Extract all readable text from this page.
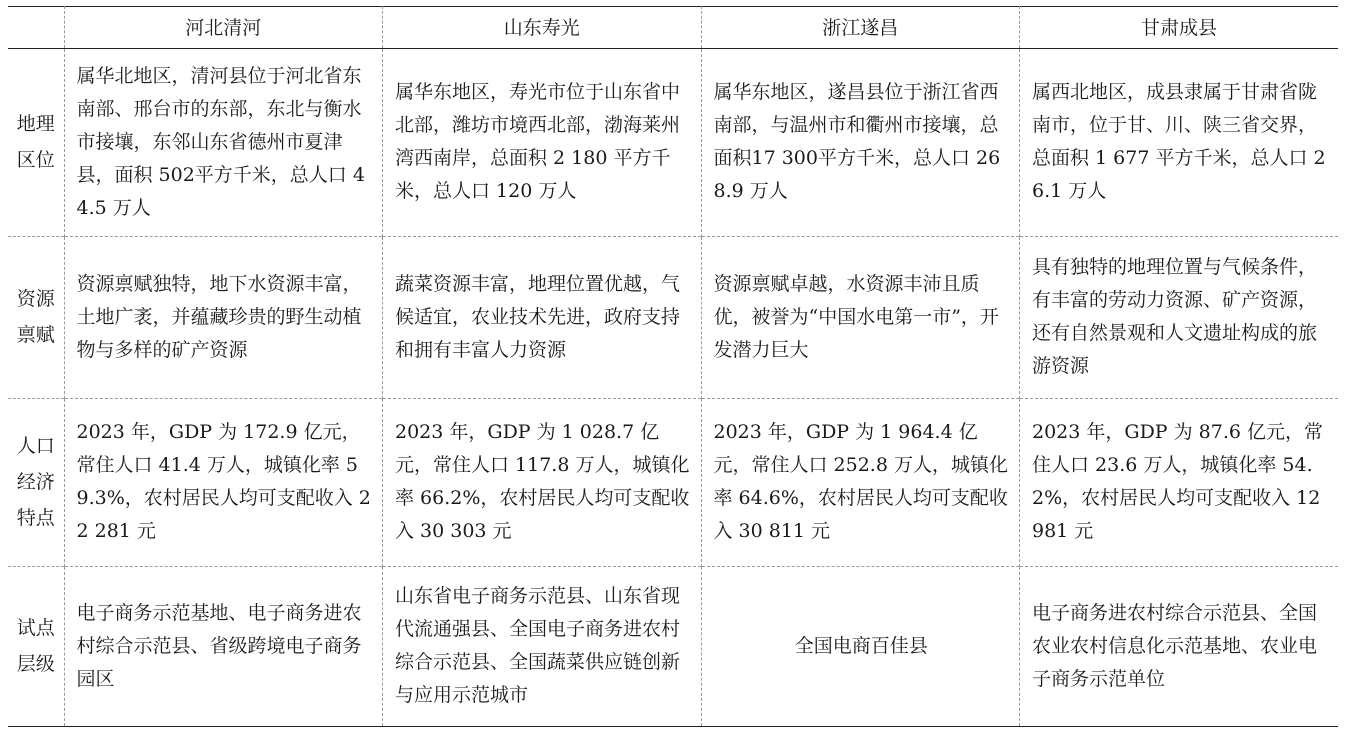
	河北清河	山东寿光	浙江遂昌	甘肃成县
地理区位	属华北地区，清河县位于河北省东南部、邢台市的东部，东北与衡水市接壤，东邻山东省德州市夏津县，面积 502平方千米，总人口 44.5 万人	属华东地区，寿光市位于山东省中北部，潍坊市境西北部，渤海莱州湾西南岸，总面积 2 180 平方千米，总人口 120 万人	属华东地区，遂昌县位于浙江省西南部，与温州市和衢州市接壤，总面积17 300平方千米，总人口 268.9 万人	属西北地区，成县隶属于甘肃省陇南市，位于甘、川、陕三省交界，总面积 1 677 平方千米，总人口 26.1 万人
资源禀赋	资源禀赋独特，地下水资源丰富，土地广袤，并蕴藏珍贵的野生动植物与多样的矿产资源	蔬菜资源丰富，地理位置优越，气候适宜，农业技术先进，政府支持和拥有丰富人力资源	资源禀赋卓越，水资源丰沛且质优，被誉为“中国水电第一市”，开发潜力巨大	具有独特的地理位置与气候条件，有丰富的劳动力资源、矿产资源，还有自然景观和人文遗址构成的旅游资源
人口经济特点	2023 年，GDP 为 172.9 亿元，常住人口 41.4 万人，城镇化率 59.3%，农村居民人均可支配收入 22 281 元	2023 年，GDP 为 1 028.7 亿元，常住人口 117.8 万人，城镇化率 66.2%，农村居民人均可支配收入 30 303 元	2023 年，GDP 为 1 964.4 亿元，常住人口 252.8 万人，城镇化率 64.6%，农村居民人均可支配收入 30 811 元	2023 年，GDP 为 87.6 亿元，常住人口 23.6 万人，城镇化率 54.2%，农村居民人均可支配收入 12 981 元
试点层级	电子商务示范基地、电子商务进农村综合示范县、省级跨境电子商务园区	山东省电子商务示范县、山东省现代流通强县、全国电子商务进农村综合示范县、全国蔬菜供应链创新与应用示范城市	全国电商百佳县	电子商务进农村综合示范县、全国农业农村信息化示范基地、农业电子商务示范单位
